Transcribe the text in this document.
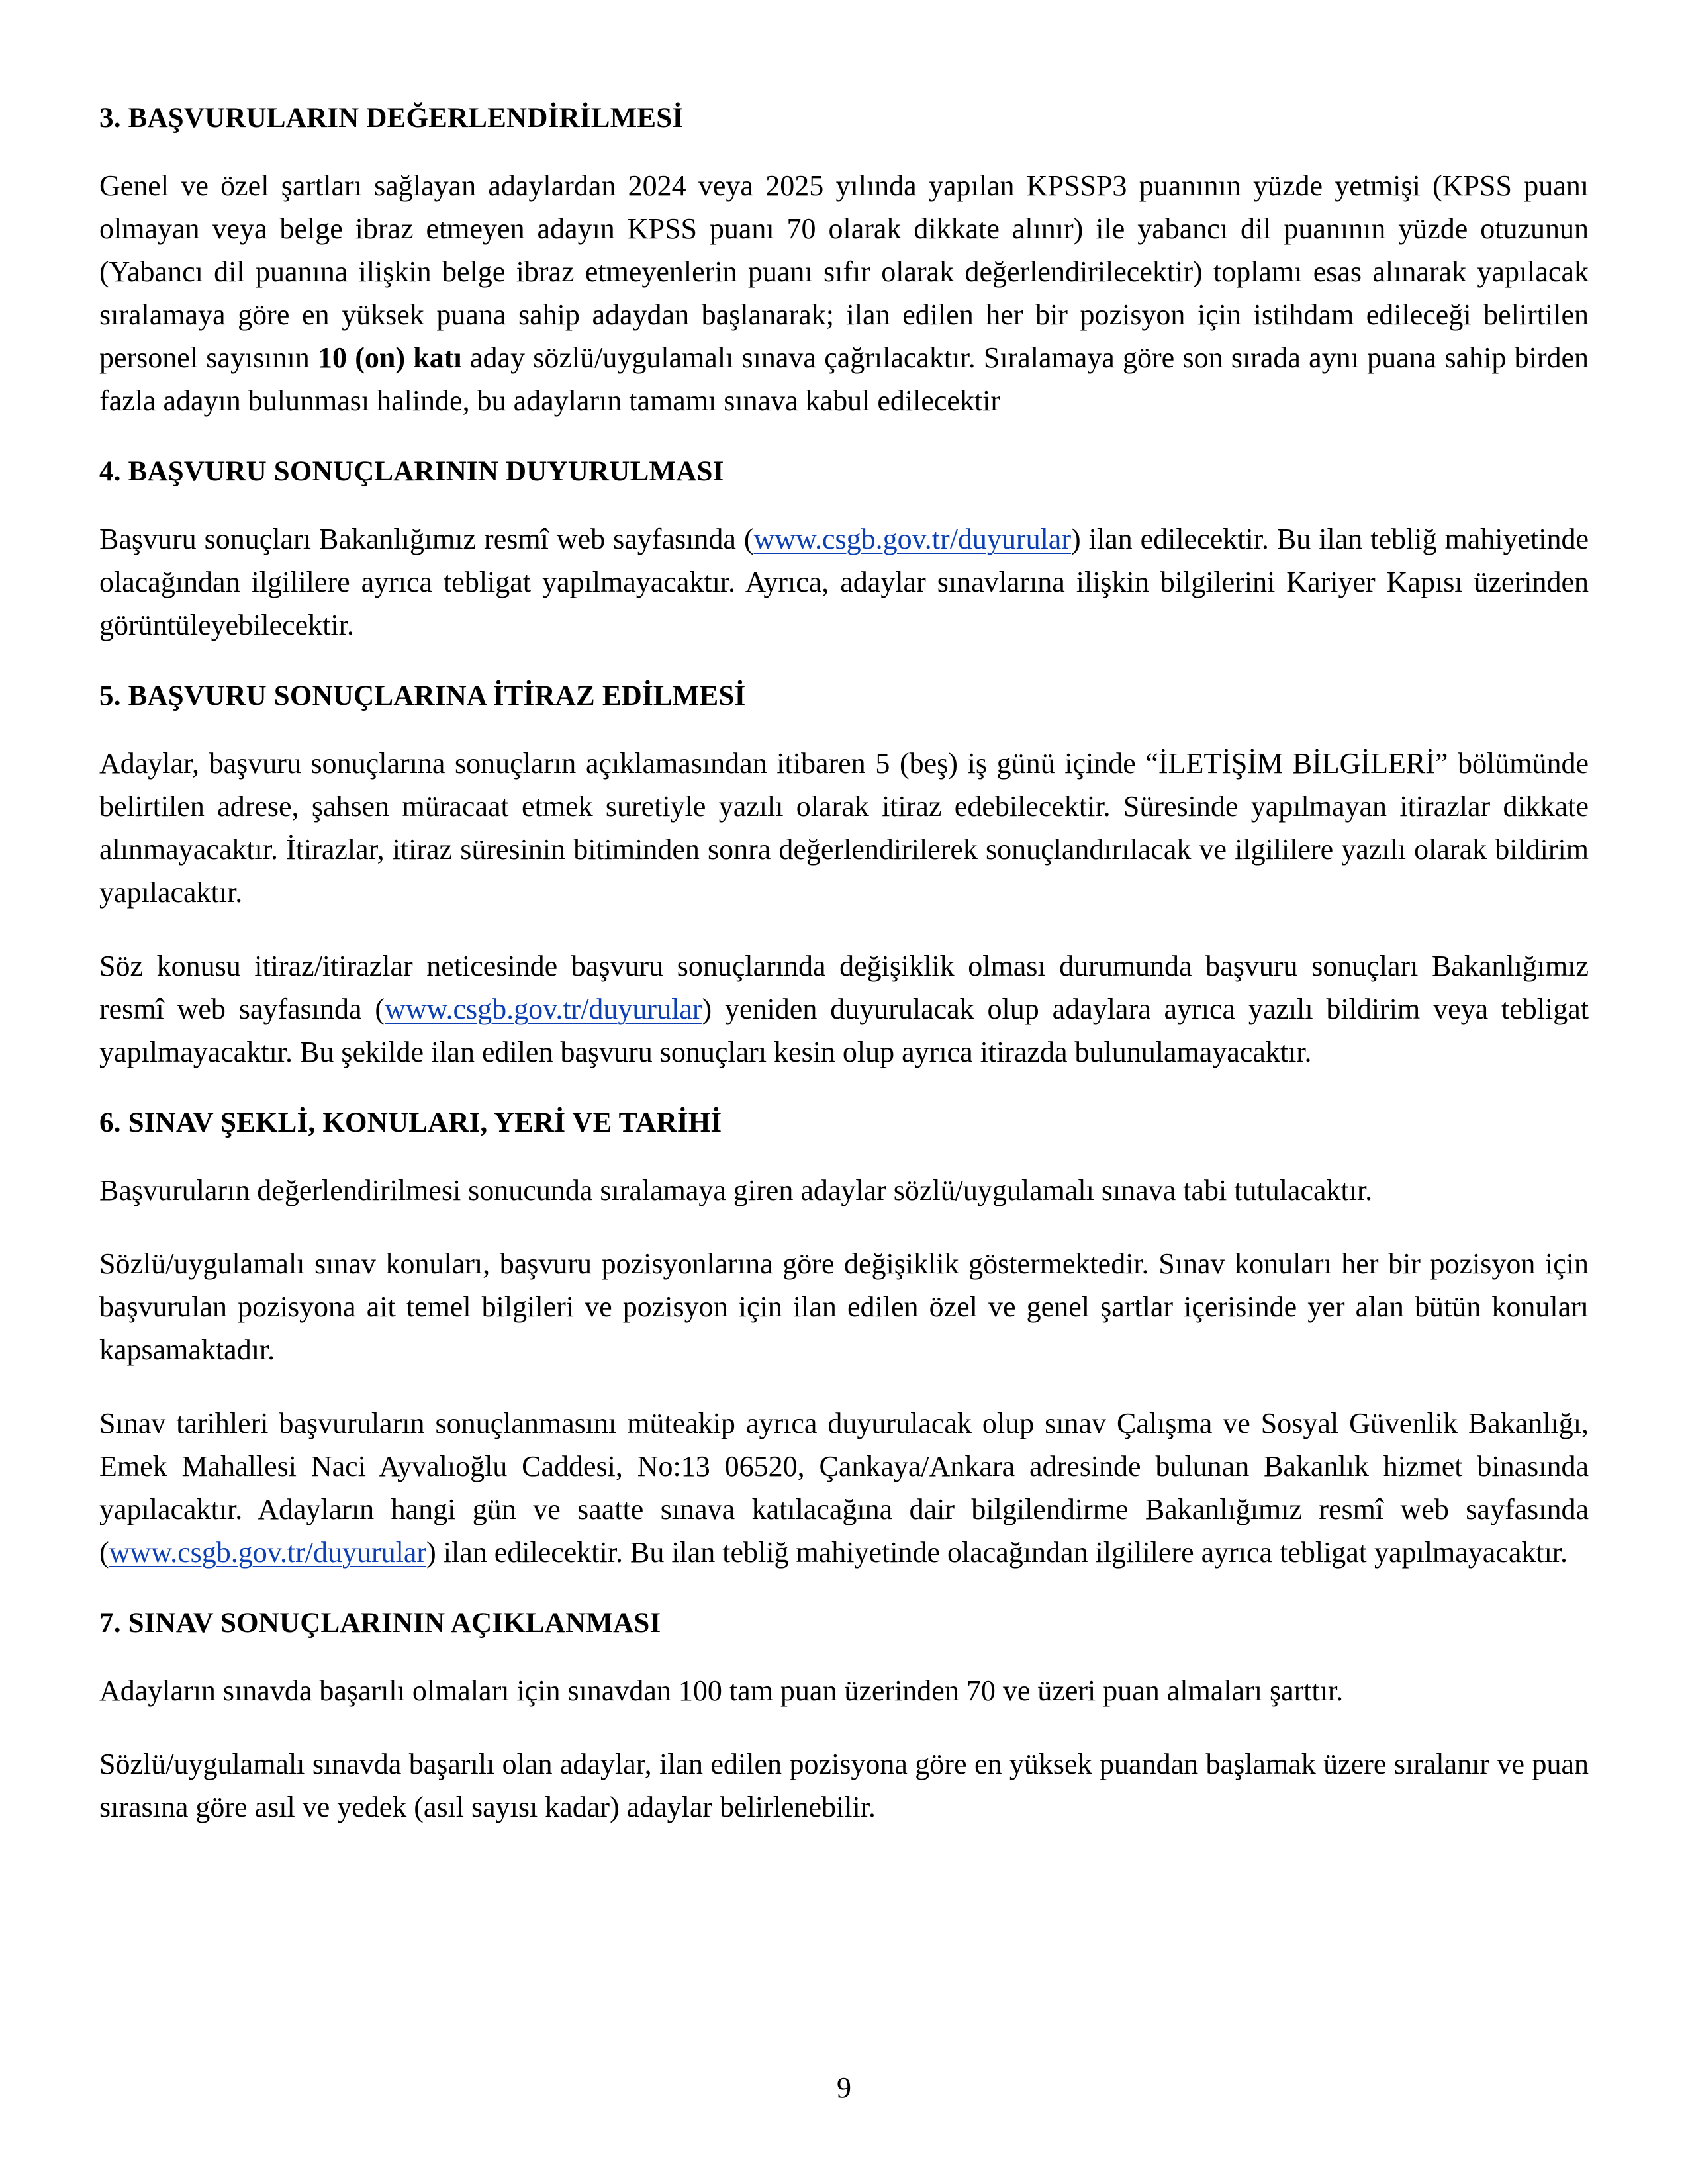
3. BAŞVURULARIN DEĞERLENDİRİLMESİ

Genel ve özel şartları sağlayan adaylardan 2024 veya 2025 yılında yapılan KPSSP3 puanının yüzde yetmişi (KPSS puanı olmayan veya belge ibraz etmeyen adayın KPSS puanı 70 olarak dikkate alınır) ile yabancı dil puanının yüzde otuzunun (Yabancı dil puanına ilişkin belge ibraz etmeyenlerin puanı sıfır olarak değerlendirilecektir) toplamı esas alınarak yapılacak sıralamaya göre en yüksek puana sahip adaydan başlanarak; ilan edilen her bir pozisyon için istihdam edileceği belirtilen personel sayısının 10 (on) katı aday sözlü/uygulamalı sınava çağrılacaktır. Sıralamaya göre son sırada aynı puana sahip birden fazla adayın bulunması halinde, bu adayların tamamı sınava kabul edilecektir

4. BAŞVURU SONUÇLARININ DUYURULMASI

Başvuru sonuçları Bakanlığımız resmî web sayfasında (www.csgb.gov.tr/duyurular) ilan edilecektir. Bu ilan tebliğ mahiyetinde olacağından ilgililere ayrıca tebligat yapılmayacaktır. Ayrıca, adaylar sınavlarına ilişkin bilgilerini Kariyer Kapısı üzerinden görüntüleyebilecektir.

5. BAŞVURU SONUÇLARINA İTİRAZ EDİLMESİ

Adaylar, başvuru sonuçlarına sonuçların açıklamasından itibaren 5 (beş) iş günü içinde “İLETİŞİM BİLGİLERİ” bölümünde belirtilen adrese, şahsen müracaat etmek suretiyle yazılı olarak itiraz edebilecektir. Süresinde yapılmayan itirazlar dikkate alınmayacaktır. İtirazlar, itiraz süresinin bitiminden sonra değerlendirilerek sonuçlandırılacak ve ilgililere yazılı olarak bildirim yapılacaktır.

Söz konusu itiraz/itirazlar neticesinde başvuru sonuçlarında değişiklik olması durumunda başvuru sonuçları Bakanlığımız resmî web sayfasında (www.csgb.gov.tr/duyurular) yeniden duyurulacak olup adaylara ayrıca yazılı bildirim veya tebligat yapılmayacaktır. Bu şekilde ilan edilen başvuru sonuçları kesin olup ayrıca itirazda bulunulamayacaktır.

6. SINAV ŞEKLİ, KONULARI, YERİ VE TARİHİ

Başvuruların değerlendirilmesi sonucunda sıralamaya giren adaylar sözlü/uygulamalı sınava tabi tutulacaktır.

Sözlü/uygulamalı sınav konuları, başvuru pozisyonlarına göre değişiklik göstermektedir. Sınav konuları her bir pozisyon için başvurulan pozisyona ait temel bilgileri ve pozisyon için ilan edilen özel ve genel şartlar içerisinde yer alan bütün konuları kapsamaktadır.

Sınav tarihleri başvuruların sonuçlanmasını müteakip ayrıca duyurulacak olup sınav Çalışma ve Sosyal Güvenlik Bakanlığı, Emek Mahallesi Naci Ayvalıoğlu Caddesi, No:13 06520, Çankaya/Ankara adresinde bulunan Bakanlık hizmet binasında yapılacaktır. Adayların hangi gün ve saatte sınava katılacağına dair bilgilendirme Bakanlığımız resmî web sayfasında (www.csgb.gov.tr/duyurular) ilan edilecektir. Bu ilan tebliğ mahiyetinde olacağından ilgililere ayrıca tebligat yapılmayacaktır.

7. SINAV SONUÇLARININ AÇIKLANMASI

Adayların sınavda başarılı olmaları için sınavdan 100 tam puan üzerinden 70 ve üzeri puan almaları şarttır.

Sözlü/uygulamalı sınavda başarılı olan adaylar, ilan edilen pozisyona göre en yüksek puandan başlamak üzere sıralanır ve puan sırasına göre asıl ve yedek (asıl sayısı kadar) adaylar belirlenebilir.

9
